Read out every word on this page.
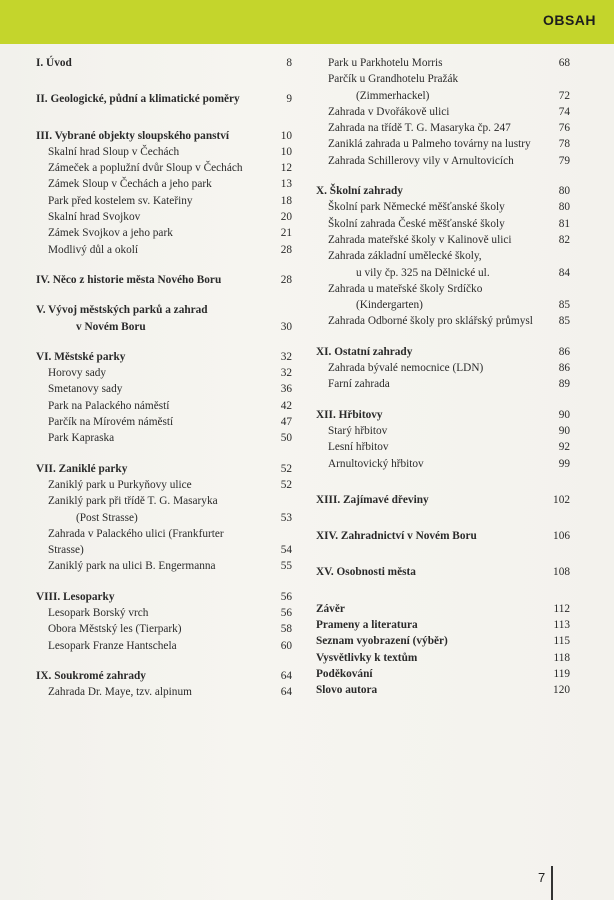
OBSAH
I. Úvod	8
II. Geologické, půdní a klimatické poměry	9
III. Vybrané objekty sloupského panství	10
Skalní hrad Sloup v Čechách	10
Zámeček a poplužní dvůr Sloup v Čechách	12
Zámek Sloup v Čechách a jeho park	13
Park před kostelem sv. Kateřiny	18
Skalní hrad Svojkov	20
Zámek Svojkov a jeho park	21
Modlivý důl a okolí	28
IV. Něco z historie města Nového Boru	28
V. Vývoj městských parků a zahrad
v Novém Boru	30
VI. Městské parky	32
Horovy sady	32
Smetanovy sady	36
Park na Palackého náměstí	42
Parčík na Mírovém náměstí	47
Park Kapraska	50
VII. Zaniklé parky	52
Zaniklý park u Purkyňovy ulice	52
Zaniklý park při třídě T. G. Masaryka
(Post Strasse)	53
Zahrada v Palackého ulici (Frankfurter Strasse)	54
Zaniklý park na ulici B. Engermanna	55
VIII. Lesoparky	56
Lesopark Borský vrch	56
Obora Městský les (Tierpark)	58
Lesopark Franze Hantschela	60
IX. Soukromé zahrady	64
Zahrada Dr. Maye, tzv. alpinum	64
Park u Parkhotelu Morris	68
Parčík u Grandhotelu Pražák
(Zimmerhackel)	72
Zahrada v Dvořákově ulici	74
Zahrada na třídě T. G. Masaryka čp. 247	76
Zaniklá zahrada u Palmeho továrny na lustry	78
Zahrada Schillerovy vily v Arnultovicích	79
X. Školní zahrady	80
Školní park Německé měšťanské školy	80
Školní zahrada České měšťanské školy	81
Zahrada mateřské školy v Kalinově ulici	82
Zahrada základní umělecké školy,
u vily čp. 325 na Dělnické ul.	84
Zahrada u mateřské školy Srdíčko
(Kindergarten)	85
Zahrada Odborné školy pro sklářský průmysl	85
XI. Ostatní zahrady	86
Zahrada bývalé nemocnice (LDN)	86
Farní zahrada	89
XII. Hřbitovy	90
Starý hřbitov	90
Lesní hřbitov	92
Arnultovický hřbitov	99
XIII. Zajímavé dřeviny	102
XIV. Zahradnictví v Novém Boru	106
XV. Osobnosti města	108
Závěr	112
Prameny a literatura	113
Seznam vyobrazení (výběr)	115
Vysvětlivky k textům	118
Poděkování	119
Slovo autora	120
7
